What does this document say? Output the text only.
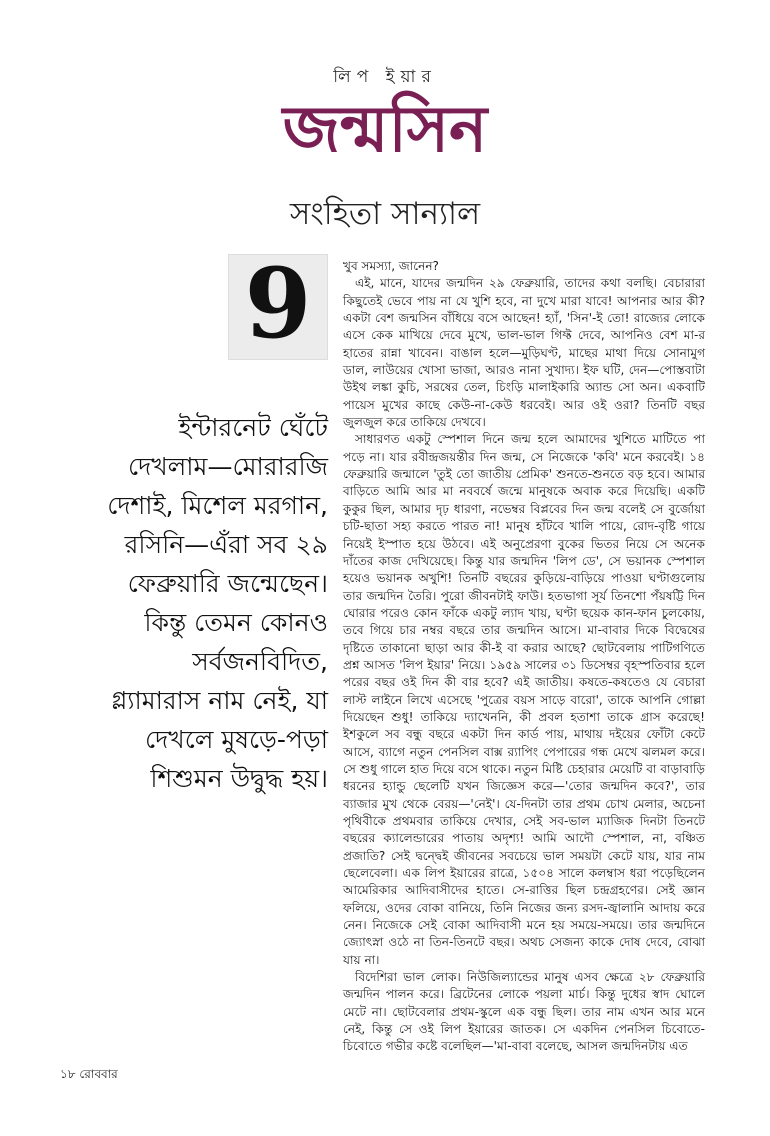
লিপ ইয়ার
জন্মসিন
সংহিতা সান্যাল
9
ইন্টারনেট ঘেঁটে
দেখলাম—মোরারজি
দেশাই, মিশেল মরগান,
রসিনি—এঁরা সব ২৯
ফেব্রুয়ারি জন্মেছেন।
কিন্তু তেমন কোনও
সর্বজনবিদিত,
গ্ল্যামারাস নাম নেই, যা
দেখলে মুষড়ে-পড়া
শিশুমন উদ্বুদ্ধ হয়।

খুব সমস্যা, জানেন?

এই, মানে, যাদের জন্মদিন ২৯ ফেব্রুয়ারি, তাদের কথা বলছি। বেচারারা কিছুতেই ভেবে পায় না যে খুশি হবে, না দুখে মারা যাবে! আপনার আর কী? একটা বেশ জন্মসিন বাঁধিয়ে বসে আছেন! হ্যাঁ, 'সিন'-ই তো! রাজ্যের লোকে এসে কেক মাখিয়ে দেবে মুখে, ভাল-ভাল গিফ্ট দেবে, আপনিও বেশ মা-র হাতের রান্না খাবেন। বাঙাল হলে—মুড়িঘণ্ট, মাছের মাথা দিয়ে সোনামুগ ডাল, লাউয়ের খোসা ভাজা, আরও নানা সুখাদ্য। ইফ ঘটি, দেন—পোস্তবাটা উইথ লঙ্কা কুচি, সরষের তেল, চিংড়ি মালাইকারি অ্যান্ড সো অন। একবাটি পায়েস মুখের কাছে কেউ-না-কেউ ধরবেই। আর ওই ওরা? তিনটি বছর জুলজুল করে তাকিয়ে দেখবে।

সাধারণত একটু স্পেশাল দিনে জন্ম হলে আমাদের খুশিতে মাটিতে পা পড়ে না। যার রবীন্দ্রজয়ন্তীর দিন জন্ম, সে নিজেকে 'কবি' মনে করবেই। ১৪ ফেব্রুয়ারি জন্মালে 'তুই তো জাতীয় প্রেমিক' শুনতে-শুনতে বড় হবে। আমার বাড়িতে আমি আর মা নববর্ষে জন্মে মানুষকে অবাক করে দিয়েছি। একটি কুকুর ছিল, আমার দৃঢ় ধারণা, নভেম্বর বিপ্লবের দিন জন্ম বলেই সে বুর্জোয়া চটি-ছাতা সহ্য করতে পারত না! মানুষ হাঁটবে খালি পায়ে, রোদ-বৃষ্টি গায়ে নিয়েই ইস্পাত হয়ে উঠবে। এই অনুপ্রেরণা বুকের ভিতর নিয়ে সে অনেক দাঁতের কাজ দেখিয়েছে। কিন্তু যার জন্মদিন 'লিপ ডে', সে ভয়ানক স্পেশাল হয়েও ভয়ানক অখুশি! তিনটি বছরের কুড়িয়ে-বাড়িয়ে পাওয়া ঘণ্টাগুলোয় তার জন্মদিন তৈরি। পুরো জীবনটাই ফাউ। হতভাগা সূর্য তিনশো পঁয়ষট্টি দিন ঘোরার পরেও কোন ফাঁকে একটু ল্যাদ খায়, ঘণ্টা ছয়েক কান-ফান চুলকোয়, তবে গিয়ে চার নম্বর বছরে তার জন্মদিন আসে। মা-বাবার দিকে বিদ্বেষের দৃষ্টিতে তাকানো ছাড়া আর কী-ই বা করার আছে? ছোটবেলায় পাটিগণিতে প্রশ্ন আসত 'লিপ ইয়ার' নিয়ে। ১৯৫৯ সালের ৩১ ডিসেম্বর বৃহস্পতিবার হলে পরের বছর ওই দিন কী বার হবে? এই জাতীয়। কষতে-কষতেও যে বেচারা লাস্ট লাইনে লিখে এসেছে 'পুত্রের বয়স সাড়ে বারো', তাকে আপনি গোল্লা দিয়েছেন শুধু! তাকিয়ে দ্যাখেননি, কী প্রবল হতাশা তাকে গ্রাস করেছে! ইশকুলে সব বন্ধু বছরে একটা দিন কার্ড পায়, মাথায় দইয়ের ফোঁটা কেটে আসে, ব্যাগে নতুন পেনসিল বাক্স র‍্যাপিং পেপারের গন্ধ মেখে ঝলমল করে। সে শুধু গালে হাত দিয়ে বসে থাকে। নতুন মিষ্টি চেহারার মেয়েটি বা বাড়াবাড়ি ধরনের হ্যান্ডু ছেলেটি যখন জিজ্ঞেস করে—'তোর জন্মদিন কবে?', তার ব্যাজার মুখ থেকে বেরয়—'নেই'। যে-দিনটা তার প্রথম চোখ মেলার, অচেনা পৃথিবীকে প্রথমবার তাকিয়ে দেখার, সেই সব-ভাল ম্যাজিক দিনটা তিনটে বছরের ক্যালেন্ডারের পাতায় অদৃশ্য! আমি আদৌ স্পেশাল, না, বঞ্চিত প্রজাতি? সেই দ্বন্দ্বেই জীবনের সবচেয়ে ভাল সময়টা কেটে যায়, যার নাম ছেলেবেলা। এক লিপ ইয়ারের রাত্রে, ১৫০৪ সালে কলম্বাস ধরা পড়েছিলেন আমেরিকার আদিবাসীদের হাতে। সে-রাত্তির ছিল চন্দ্রগ্রহণের। সেই জ্ঞান ফলিয়ে, ওদের বোকা বানিয়ে, তিনি নিজের জন্য রসদ-জ্বালানি আদায় করে নেন। নিজেকে সেই বোকা আদিবাসী মনে হয় সময়ে-সময়ে। তার জন্মদিনে জ্যোৎস্না ওঠে না তিন-তিনটে বছর। অথচ সেজন্য কাকে দোষ দেবে, বোঝা যায় না।

বিদেশিরা ভাল লোক। নিউজিল্যান্ডের মানুষ এসব ক্ষেত্রে ২৮ ফেব্রুয়ারি জন্মদিন পালন করে। ব্রিটেনের লোকে পয়লা মার্চ। কিন্তু দুধের স্বাদ ঘোলে মেটে না। ছোটবেলার প্রথম-স্কুলে এক বন্ধু ছিল। তার নাম এখন আর মনে নেই, কিন্তু সে ওই লিপ ইয়ারের জাতক। সে একদিন পেনসিল চিবোতে-চিবোতে গভীর কষ্টে বলেছিল—'মা-বাবা বলেছে, আসল জন্মদিনটায় এত

১৮ রোববার
